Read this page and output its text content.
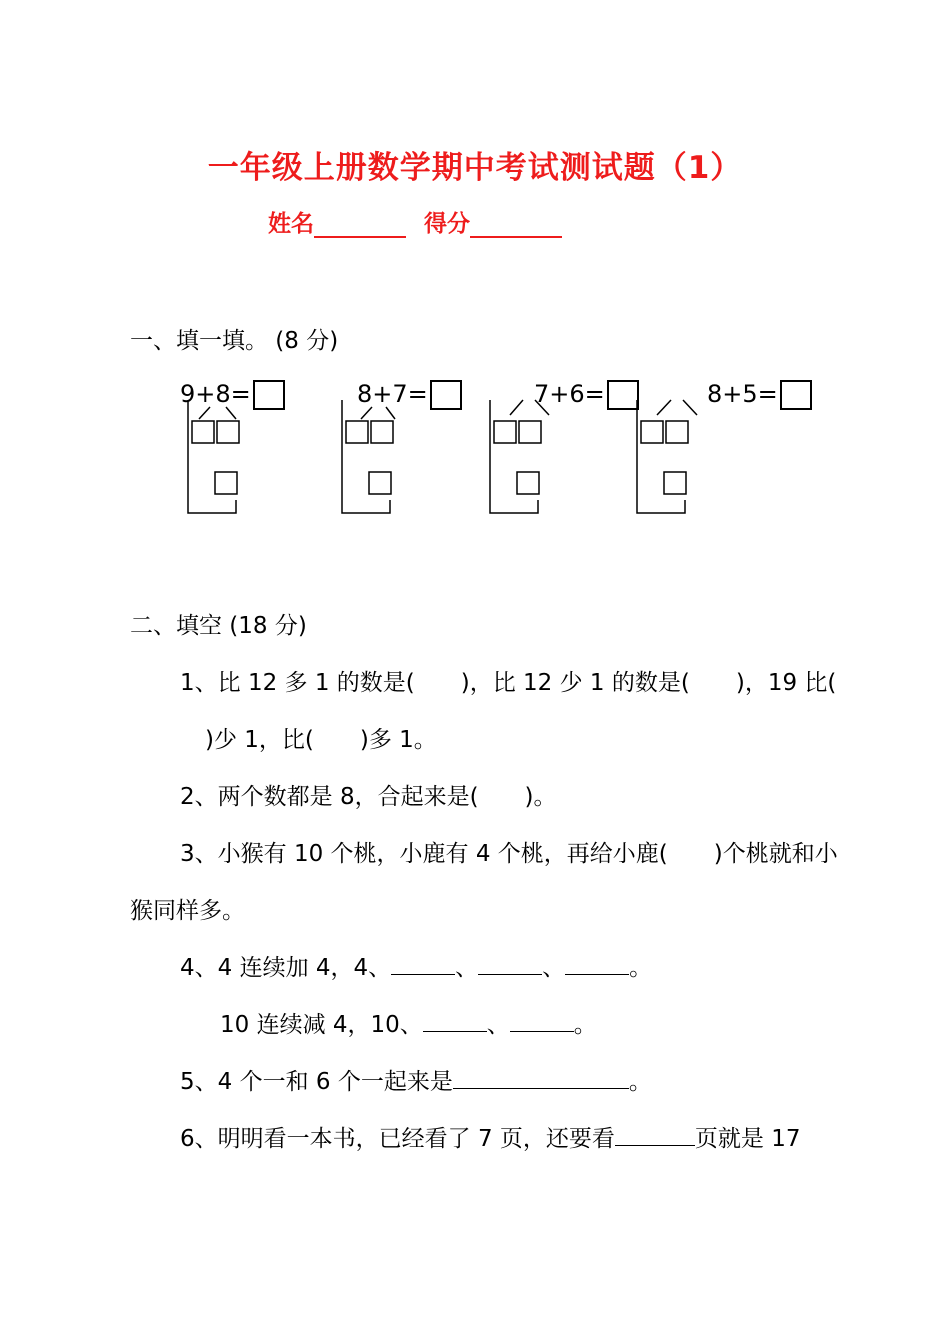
一年级上册数学期中考试测试题（1）
姓名	得分
一、填一填。 (8 分)
9+8=	8+7=	7+6=	8+5=
二、填空 (18 分)
1、比 12 多 1 的数是(　　)，比 12 少 1 的数是(　　)，19 比(
)少 1，比(　　)多 1。
2、两个数都是 8，合起来是(　　)。
3、小猴有 10 个桃，小鹿有 4 个桃，再给小鹿(　　)个桃就和小
猴同样多。
4、4 连续加 4，4、	、	、	。
10 连续减 4，10、	、	。
5、4 个一和 6 个一起来是	。
6、明明看一本书，已经看了 7 页，还要看	页就是 17
